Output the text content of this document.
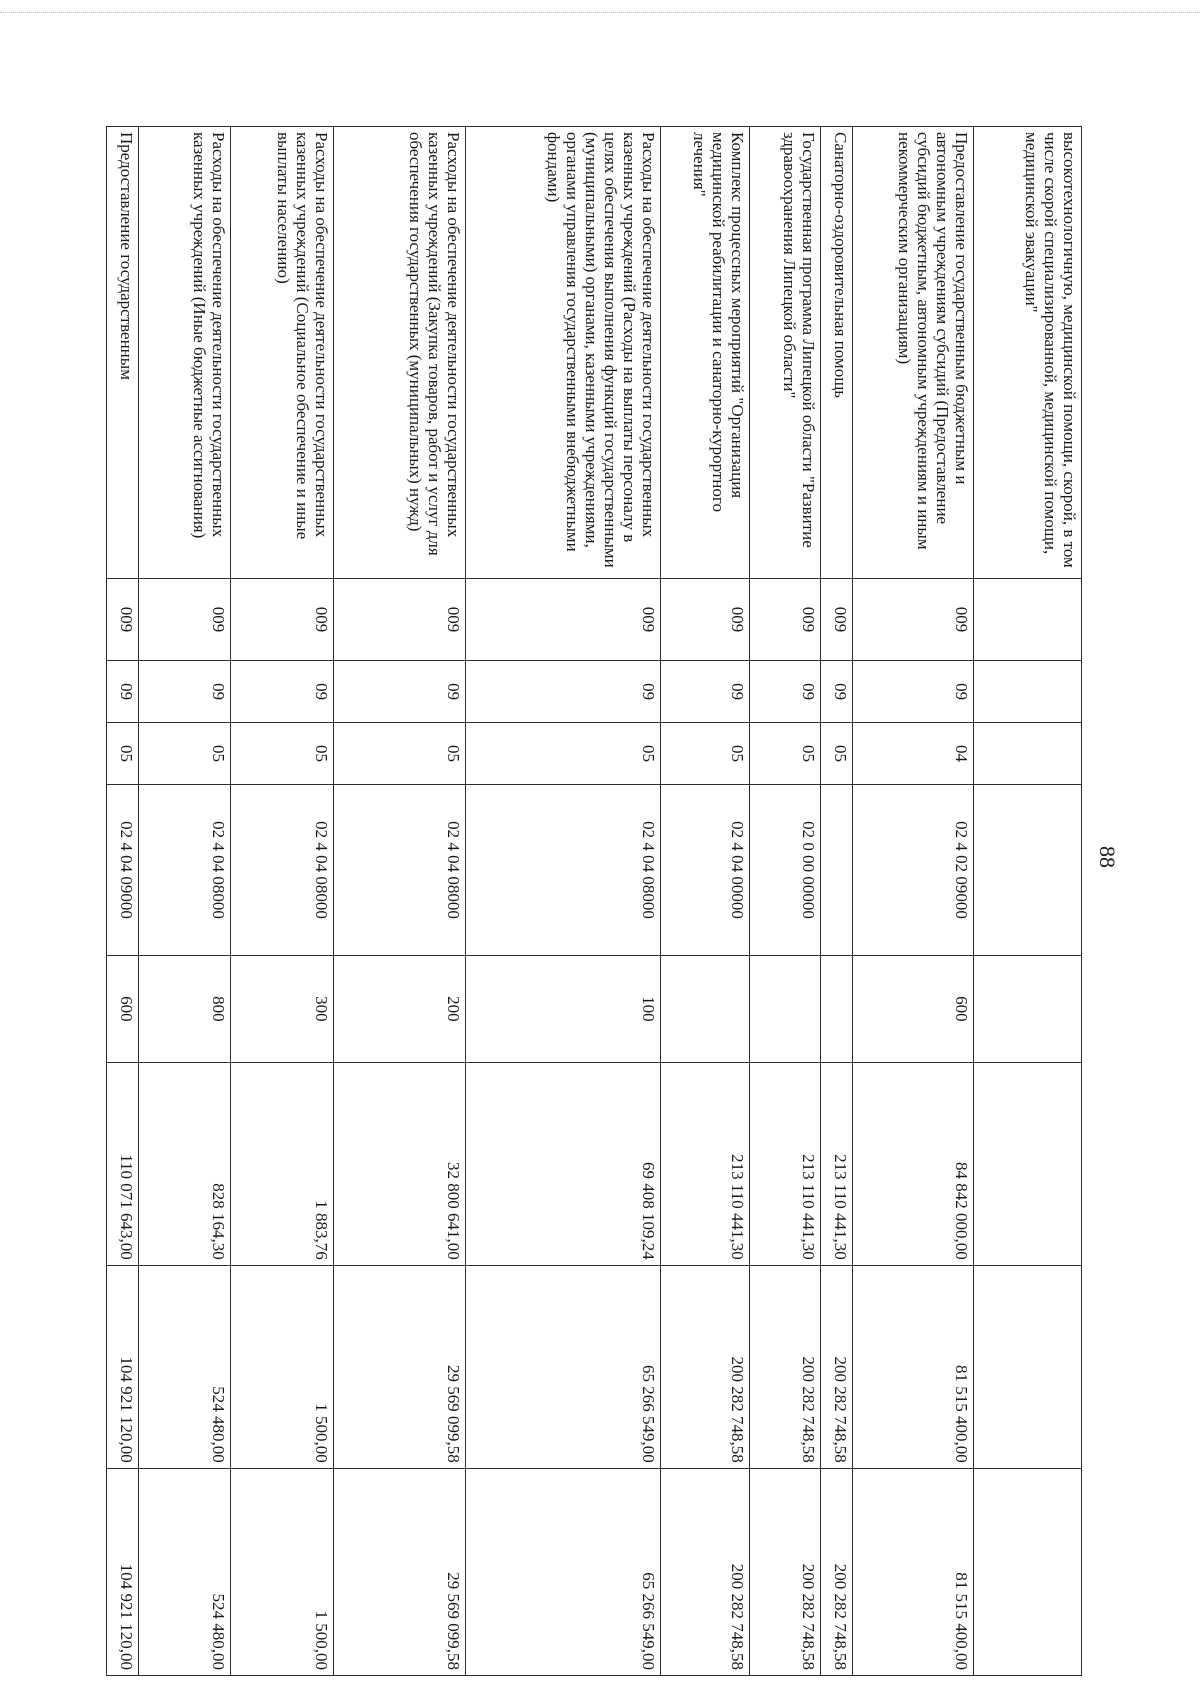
88
высокотехнологичную, медицинской помощи, скорой, в том числе скорой специализированной, медицинской помощи, медицинской эвакуации"								
Предоставление государственным бюджетным и автономным учреждениям субсидий (Предоставление субсидий бюджетным, автономным учреждениям и иным некоммерческим организациям)	009	09	04	02 4 02 09000	600	84 842 000,00	81 515 400,00	81 515 400,00
Санаторно-оздоровительная помощь	009	09	05			213 110 441,30	200 282 748,58	200 282 748,58
Государственная программа Липецкой области "Развитие здравоохранения Липецкой области"	009	09	05	02 0 00 00000		213 110 441,30	200 282 748,58	200 282 748,58
Комплекс процессных мероприятий "Организация медицинской реабилитации и санаторно-курортного лечения"	009	09	05	02 4 04 00000		213 110 441,30	200 282 748,58	200 282 748,58
Расходы на обеспечение деятельности государственных казенных учреждений (Расходы на выплаты персоналу в целях обеспечения выполнения функций государственными (муниципальными) органами, казенными учреждениями, органами управления государственными внебюджетными фондами)	009	09	05	02 4 04 08000	100	69 408 109,24	65 266 549,00	65 266 549,00
Расходы на обеспечение деятельности государственных казенных учреждений (Закупка товаров, работ и услуг для обеспечения государственных (муниципальных) нужд)	009	09	05	02 4 04 08000	200	32 800 641,00	29 569 099,58	29 569 099,58
Расходы на обеспечение деятельности государственных казенных учреждений (Социальное обеспечение и иные выплаты населению)	009	09	05	02 4 04 08000	300	1 883,76	1 500,00	1 500,00
Расходы на обеспечение деятельности государственных казенных учреждений (Иные бюджетные ассигнования)	009	09	05	02 4 04 08000	800	828 164,30	524 480,00	524 480,00
Предоставление государственным	009	09	05	02 4 04 09000	600	110 071 643,00	104 921 120,00	104 921 120,00
